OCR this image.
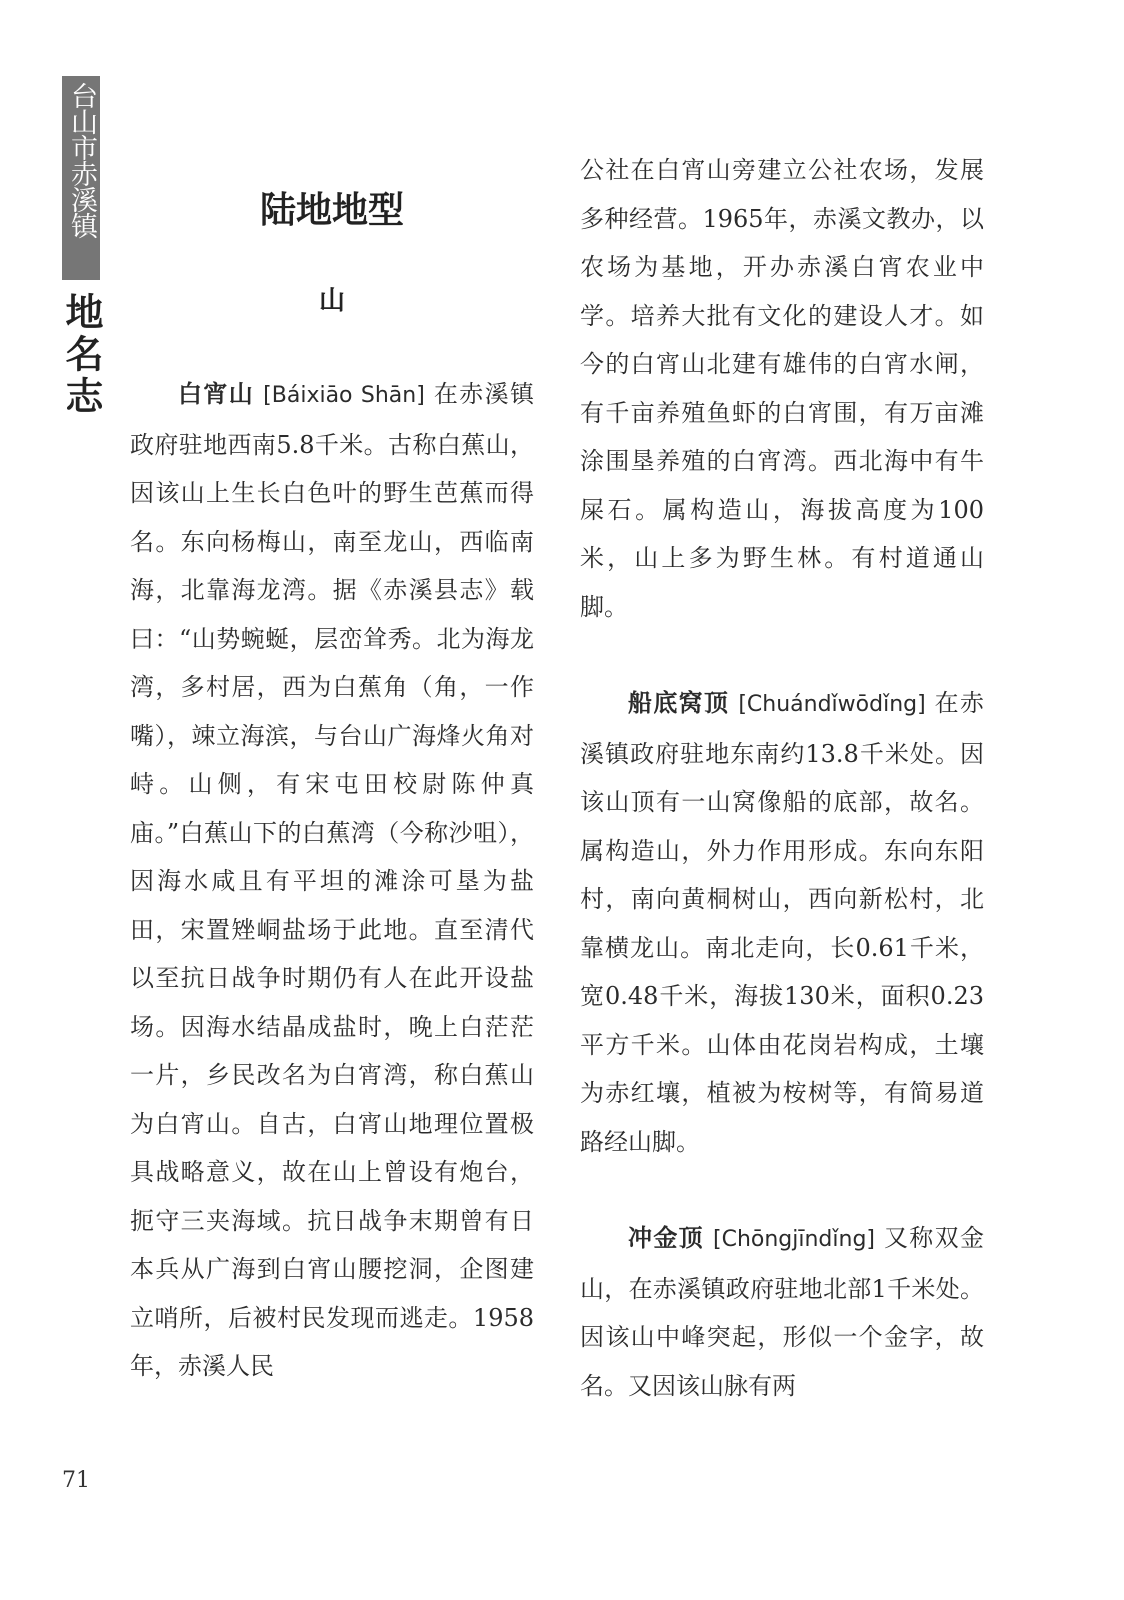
台山市赤溪镇
地名志
陆地地型
山

白宵山 [Báixiāo Shān] 在赤溪镇政府驻地西南5.8千米。古称白蕉山，因该山上生长白色叶的野生芭蕉而得名。东向杨梅山，南至龙山，西临南海，北靠海龙湾。据《赤溪县志》载曰：“山势蜿蜒，层峦耸秀。北为海龙湾，多村居，西为白蕉角（角，一作嘴），竦立海滨，与台山广海烽火角对峙。山侧，有宋屯田校尉陈仲真庙。”白蕉山下的白蕉湾（今称沙咀），因海水咸且有平坦的滩涂可垦为盐田，宋置矬峒盐场于此地。直至清代以至抗日战争时期仍有人在此开设盐场。因海水结晶成盐时，晚上白茫茫一片，乡民改名为白宵湾，称白蕉山为白宵山。自古，白宵山地理位置极具战略意义，故在山上曾设有炮台，扼守三夹海域。抗日战争末期曾有日本兵从广海到白宵山腰挖洞，企图建立哨所，后被村民发现而逃走。1958年，赤溪人民

公社在白宵山旁建立公社农场，发展多种经营。1965年，赤溪文教办，以农场为基地，开办赤溪白宵农业中学。培养大批有文化的建设人才。如今的白宵山北建有雄伟的白宵水闸，有千亩养殖鱼虾的白宵围，有万亩滩涂围垦养殖的白宵湾。西北海中有牛屎石。属构造山，海拔高度为100米，山上多为野生林。有村道通山脚。

船底窝顶 [Chuándǐwōdǐng] 在赤溪镇政府驻地东南约13.8千米处。因该山顶有一山窝像船的底部，故名。属构造山，外力作用形成。东向东阳村，南向黄桐树山，西向新松村，北靠横龙山。南北走向，长0.61千米，宽0.48千米，海拔130米，面积0.23平方千米。山体由花岗岩构成，土壤为赤红壤，植被为桉树等，有简易道路经山脚。

冲金顶 [Chōngjīndǐng] 又称双金山，在赤溪镇政府驻地北部1千米处。因该山中峰突起，形似一个金字，故名。又因该山脉有两

71
